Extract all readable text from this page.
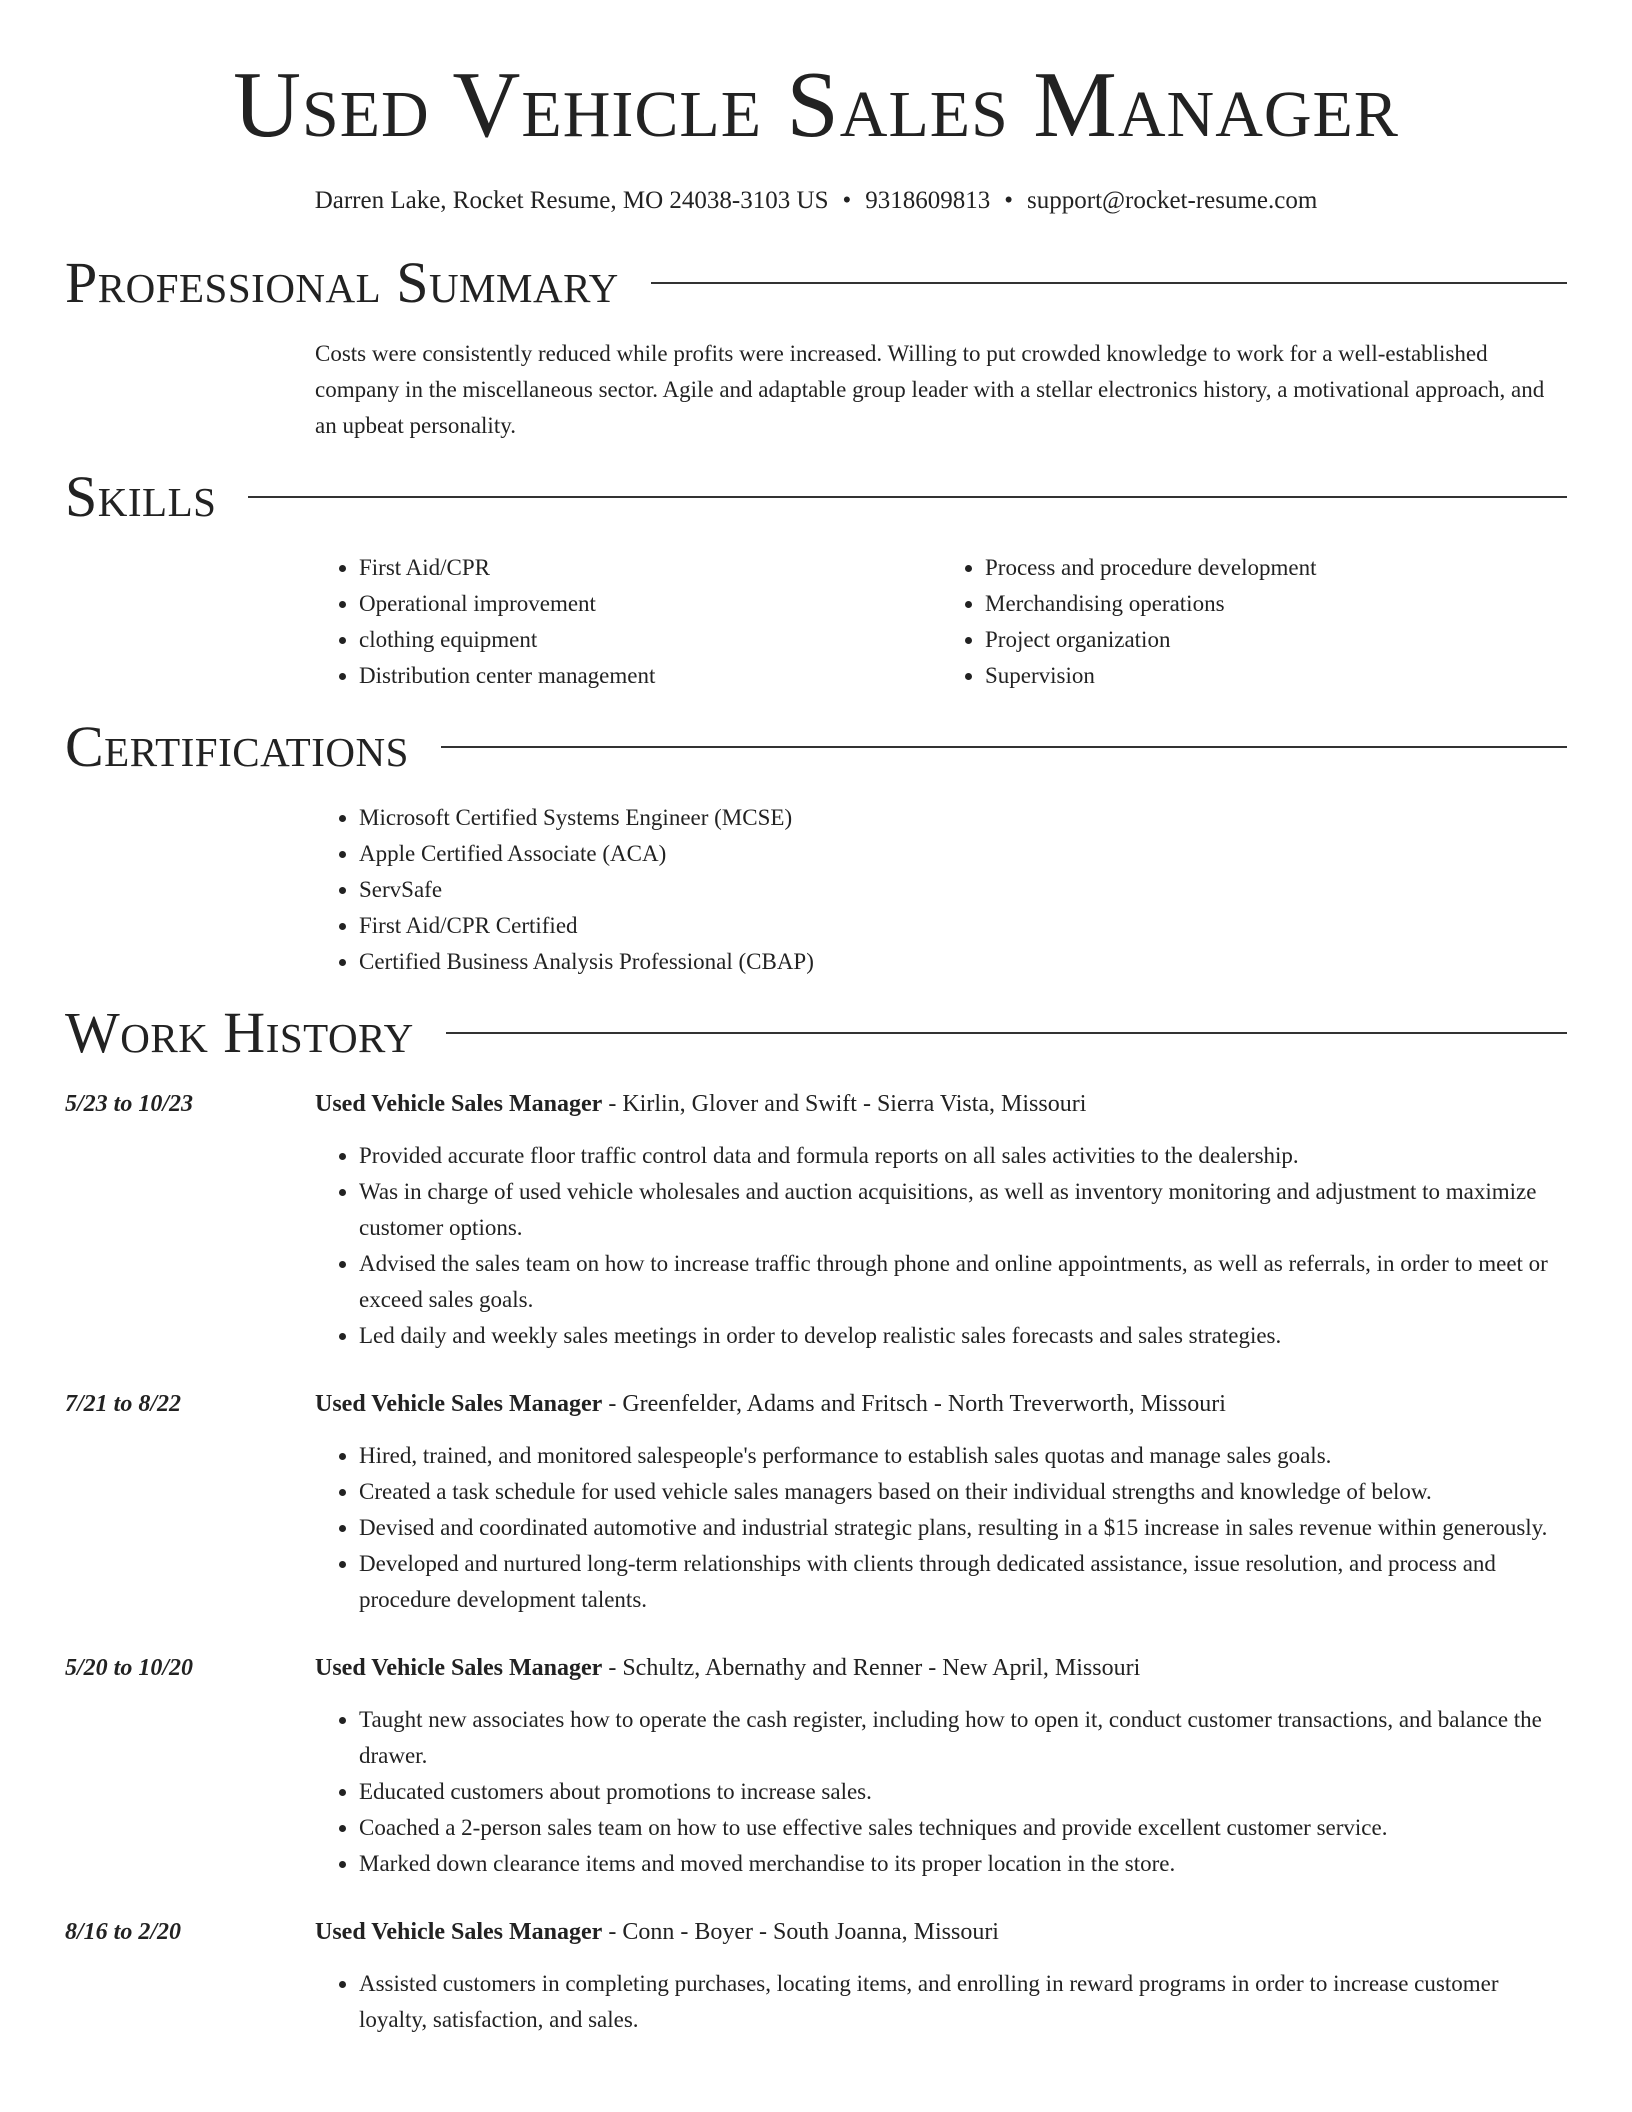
Used Vehicle Sales Manager
Darren Lake, Rocket Resume, MO 24038-3103 US • 9318609813 • support@rocket-resume.com
Professional Summary

Costs were consistently reduced while profits were increased. Willing to put crowded knowledge to work for a well-established company in the miscellaneous sector. Agile and adaptable group leader with a stellar electronics history, a motivational approach, and an upbeat personality.

Skills
• First Aid/CPR
• Operational improvement
• clothing equipment
• Distribution center management
• Process and procedure development
• Merchandising operations
• Project organization
• Supervision
Certifications
• Microsoft Certified Systems Engineer (MCSE)
• Apple Certified Associate (ACA)
• ServSafe
• First Aid/CPR Certified
• Certified Business Analysis Professional (CBAP)
Work History
5/23 to 10/23	Used Vehicle Sales Manager - Kirlin, Glover and Swift - Sierra Vista, Missouri
• Provided accurate floor traffic control data and formula reports on all sales activities to the dealership.
• Was in charge of used vehicle wholesales and auction acquisitions, as well as inventory monitoring and adjustment to maximize customer options.
• Advised the sales team on how to increase traffic through phone and online appointments, as well as referrals, in order to meet or exceed sales goals.
• Led daily and weekly sales meetings in order to develop realistic sales forecasts and sales strategies.
7/21 to 8/22	Used Vehicle Sales Manager - Greenfelder, Adams and Fritsch - North Treverworth, Missouri
• Hired, trained, and monitored salespeople's performance to establish sales quotas and manage sales goals.
• Created a task schedule for used vehicle sales managers based on their individual strengths and knowledge of below.
• Devised and coordinated automotive and industrial strategic plans, resulting in a $15 increase in sales revenue within generously.
• Developed and nurtured long-term relationships with clients through dedicated assistance, issue resolution, and process and procedure development talents.
5/20 to 10/20	Used Vehicle Sales Manager - Schultz, Abernathy and Renner - New April, Missouri
• Taught new associates how to operate the cash register, including how to open it, conduct customer transactions, and balance the drawer.
• Educated customers about promotions to increase sales.
• Coached a 2-person sales team on how to use effective sales techniques and provide excellent customer service.
• Marked down clearance items and moved merchandise to its proper location in the store.
8/16 to 2/20	Used Vehicle Sales Manager - Conn - Boyer - South Joanna, Missouri
• Assisted customers in completing purchases, locating items, and enrolling in reward programs in order to increase customer loyalty, satisfaction, and sales.
